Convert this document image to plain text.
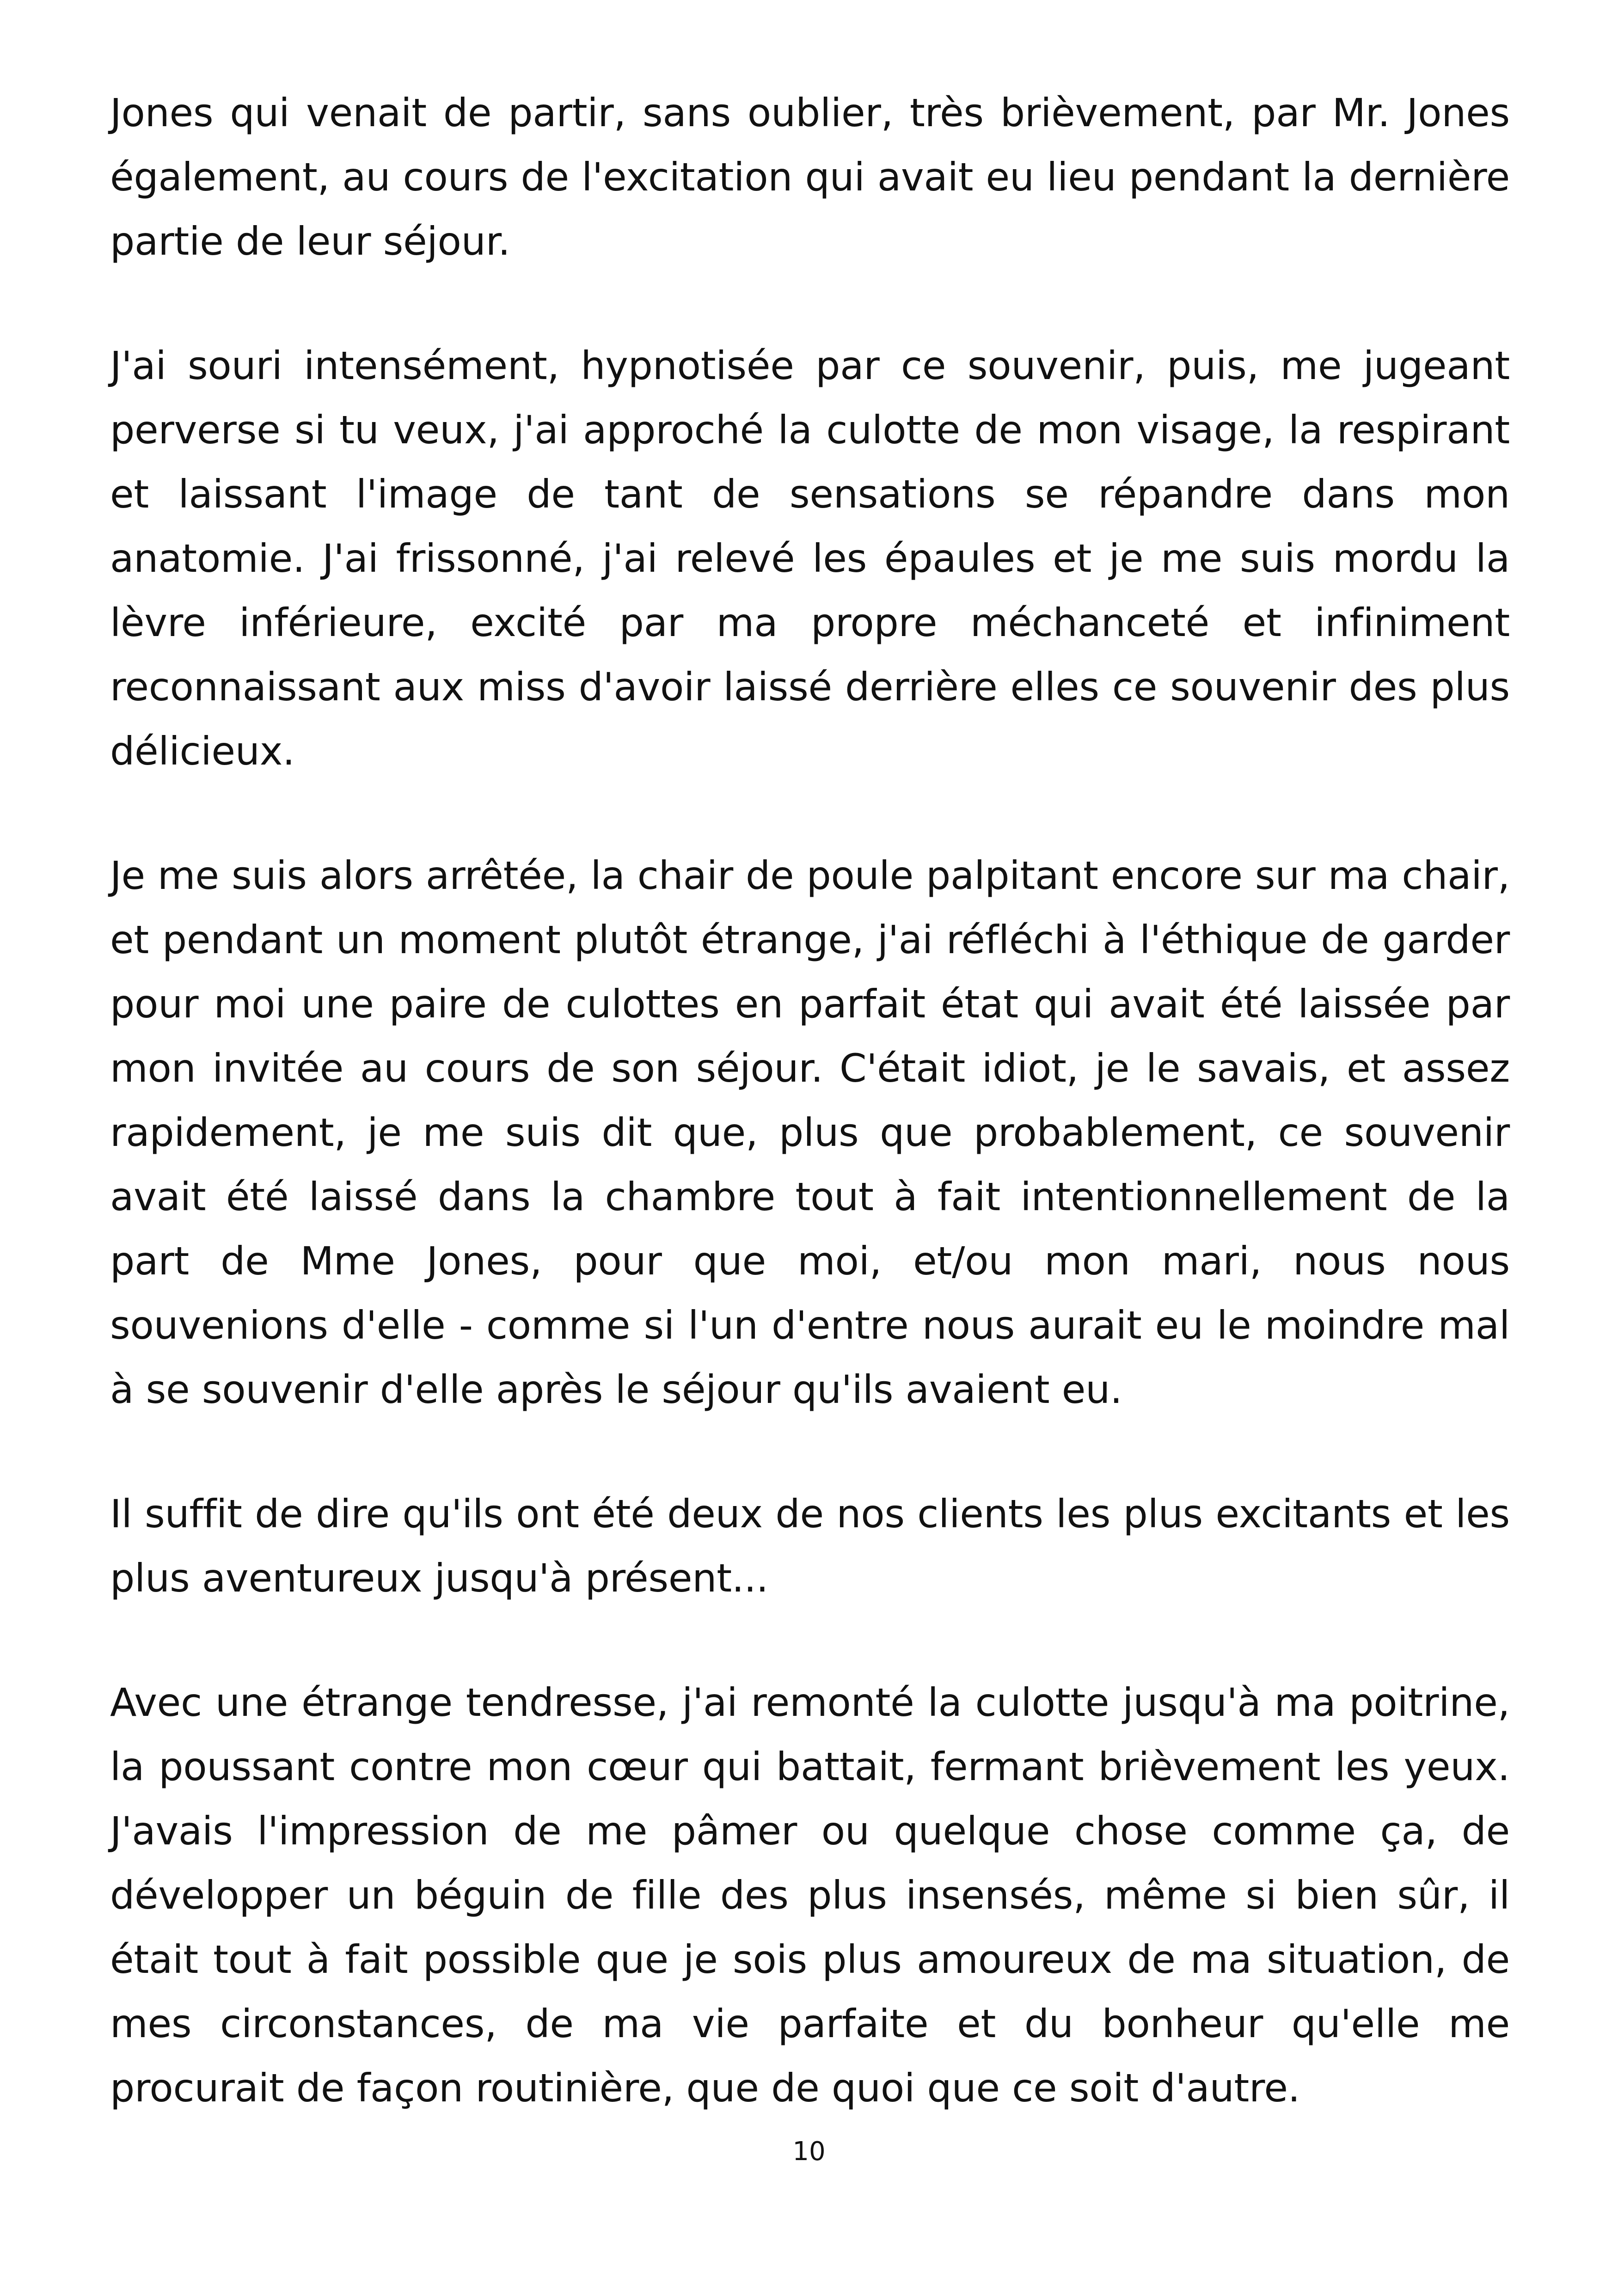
Jones qui venait de partir, sans oublier, très brièvement, par Mr. Jones également, au cours de l'excitation qui avait eu lieu pendant la dernière partie de leur séjour.

J'ai souri intensément, hypnotisée par ce souvenir, puis, me jugeant perverse si tu veux, j'ai approché la culotte de mon visage, la respirant et laissant l'image de tant de sensations se répandre dans mon anatomie. J'ai frissonné, j'ai relevé les épaules et je me suis mordu la lèvre inférieure, excité par ma propre méchanceté et infiniment reconnaissant aux miss d'avoir laissé derrière elles ce souvenir des plus délicieux.

Je me suis alors arrêtée, la chair de poule palpitant encore sur ma chair, et pendant un moment plutôt étrange, j'ai réfléchi à l'éthique de garder pour moi une paire de culottes en parfait état qui avait été laissée par mon invitée au cours de son séjour. C'était idiot, je le savais, et assez rapidement, je me suis dit que, plus que probablement, ce souvenir avait été laissé dans la chambre tout à fait intentionnellement de la part de Mme Jones, pour que moi, et/ou mon mari, nous nous souvenions d'elle - comme si l'un d'entre nous aurait eu le moindre mal à se souvenir d'elle après le séjour qu'ils avaient eu.

Il suffit de dire qu'ils ont été deux de nos clients les plus excitants et les plus aventureux jusqu'à présent...

Avec une étrange tendresse, j'ai remonté la culotte jusqu'à ma poitrine, la poussant contre mon cœur qui battait, fermant brièvement les yeux. J'avais l'impression de me pâmer ou quelque chose comme ça, de développer un béguin de fille des plus insensés, même si bien sûr, il était tout à fait possible que je sois plus amoureux de ma situation, de mes circonstances, de ma vie parfaite et du bonheur qu'elle me procurait de façon routinière, que de quoi que ce soit d'autre.

10
